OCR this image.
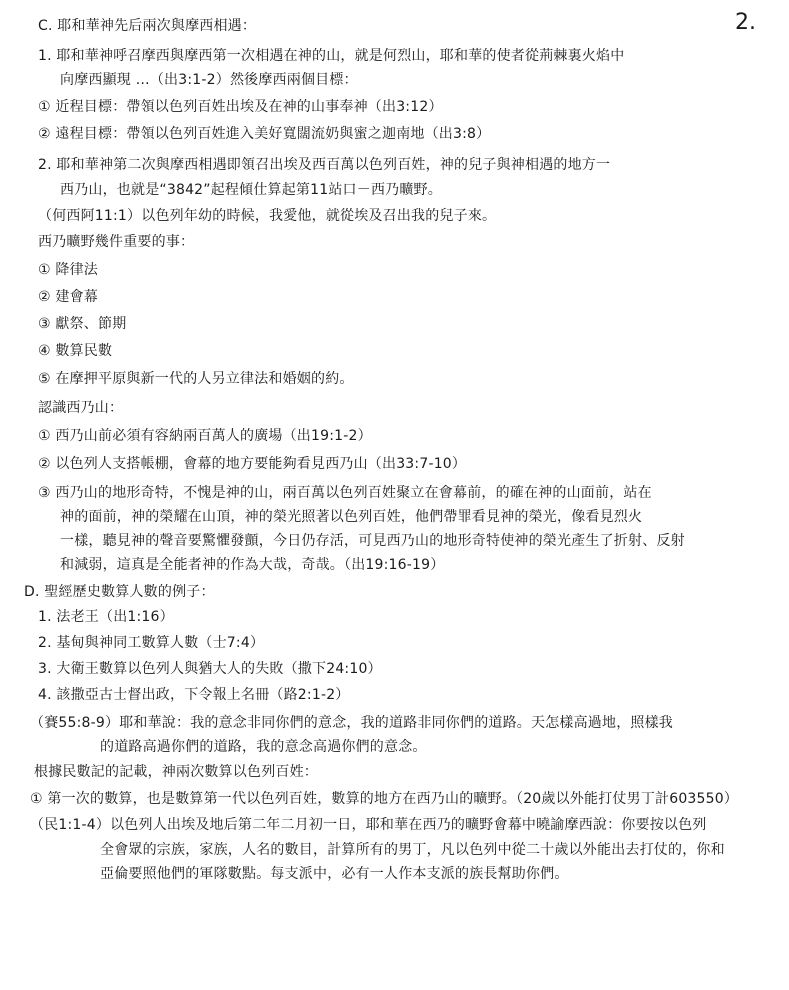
2.
C. 耶和華神先后兩次與摩西相遇：
1. 耶和華神呼召摩西與摩西第一次相遇在神的山，就是何烈山，耶和華的使者從荊棘裏火焰中
向摩西顯現 …（出3:1-2）然後摩西兩個目標：
① 近程目標：帶領以色列百姓出埃及在神的山事奉神（出3:12）
② 遠程目標：帶領以色列百姓進入美好寬闊流奶與蜜之迦南地（出3:8）
2. 耶和華神第二次與摩西相遇即領召出埃及西百萬以色列百姓，神的兒子與神相遇的地方一
西乃山，也就是“3842”起程傾仕算起第11站口－西乃曠野。
（何西阿11:1）以色列年幼的時候，我愛他，就從埃及召出我的兒子來。
西乃曠野幾件重要的事：
① 降律法
② 建會幕
③ 獻祭、節期
④ 數算民數
⑤ 在摩押平原與新一代的人另立律法和婚姻的約。
認識西乃山：
① 西乃山前必須有容納兩百萬人的廣場（出19:1-2）
② 以色列人支搭帳棚，會幕的地方要能夠看見西乃山（出33:7-10）
③ 西乃山的地形奇特，不愧是神的山，兩百萬以色列百姓聚立在會幕前，的確在神的山面前，站在
神的面前，神的榮耀在山頂，神的榮光照著以色列百姓，他們帶罪看見神的榮光，像看見烈火
一樣，聽見神的聲音要驚懼發顫，今日仍存活，可見西乃山的地形奇特使神的榮光產生了折射、反射
和減弱，這真是全能者神的作為大哉，奇哉。（出19:16-19）
D. 聖經歷史數算人數的例子：
1. 法老王（出1:16）
2. 基甸與神同工數算人數（士7:4）
3. 大衛王數算以色列人與猶大人的失敗（撒下24:10）
4. 該撒亞古士督出政，下令報上名冊（路2:1-2）
（賽55:8-9）耶和華說：我的意念非同你們的意念，我的道路非同你們的道路。天怎樣高過地，照樣我
的道路高過你們的道路，我的意念高過你們的意念。
根據民數記的記載，神兩次數算以色列百姓：
① 第一次的數算，也是數算第一代以色列百姓，數算的地方在西乃山的曠野。（20歲以外能打仗男丁計603550）
（民1:1-4）以色列人出埃及地后第二年二月初一日，耶和華在西乃的曠野會幕中曉諭摩西說：你要按以色列
全會眾的宗族，家族，人名的數目，計算所有的男丁，凡以色列中從二十歲以外能出去打仗的，你和
亞倫要照他們的軍隊數點。每支派中，必有一人作本支派的族長幫助你們。
